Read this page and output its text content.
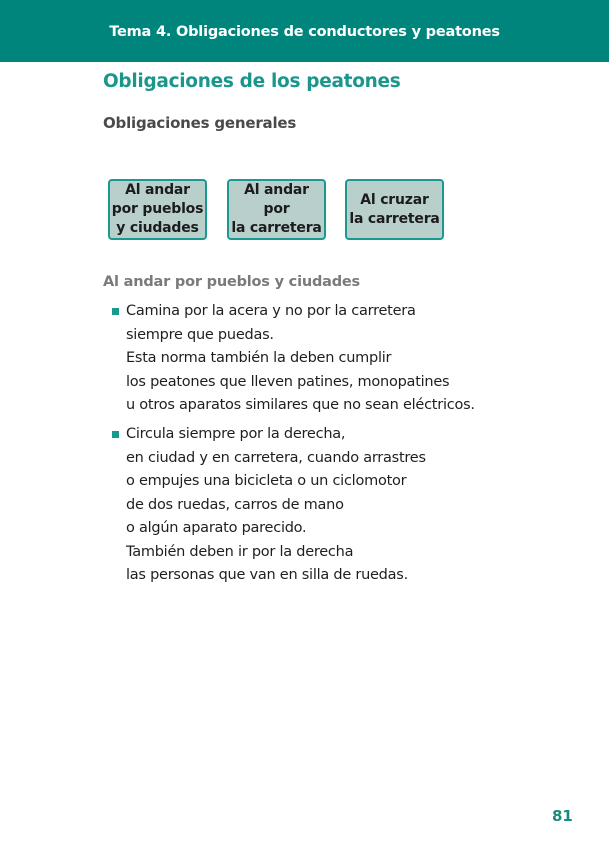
Tema 4. Obligaciones de conductores y peatones
Obligaciones de los peatones
Obligaciones generales
Al andar
por pueblos
y ciudades
Al andar por
la carretera
Al cruzar
la carretera
Al andar por pueblos y ciudades
Camina por la acera y no por la carretera
siempre que puedas.
Esta norma también la deben cumplir
los peatones que lleven patines, monopatines
u otros aparatos similares que no sean eléctricos.
Circula siempre por la derecha,
en ciudad y en carretera, cuando arrastres
o empujes una bicicleta o un ciclomotor
de dos ruedas, carros de mano
o algún aparato parecido.
También deben ir por la derecha
las personas que van en silla de ruedas.
81
